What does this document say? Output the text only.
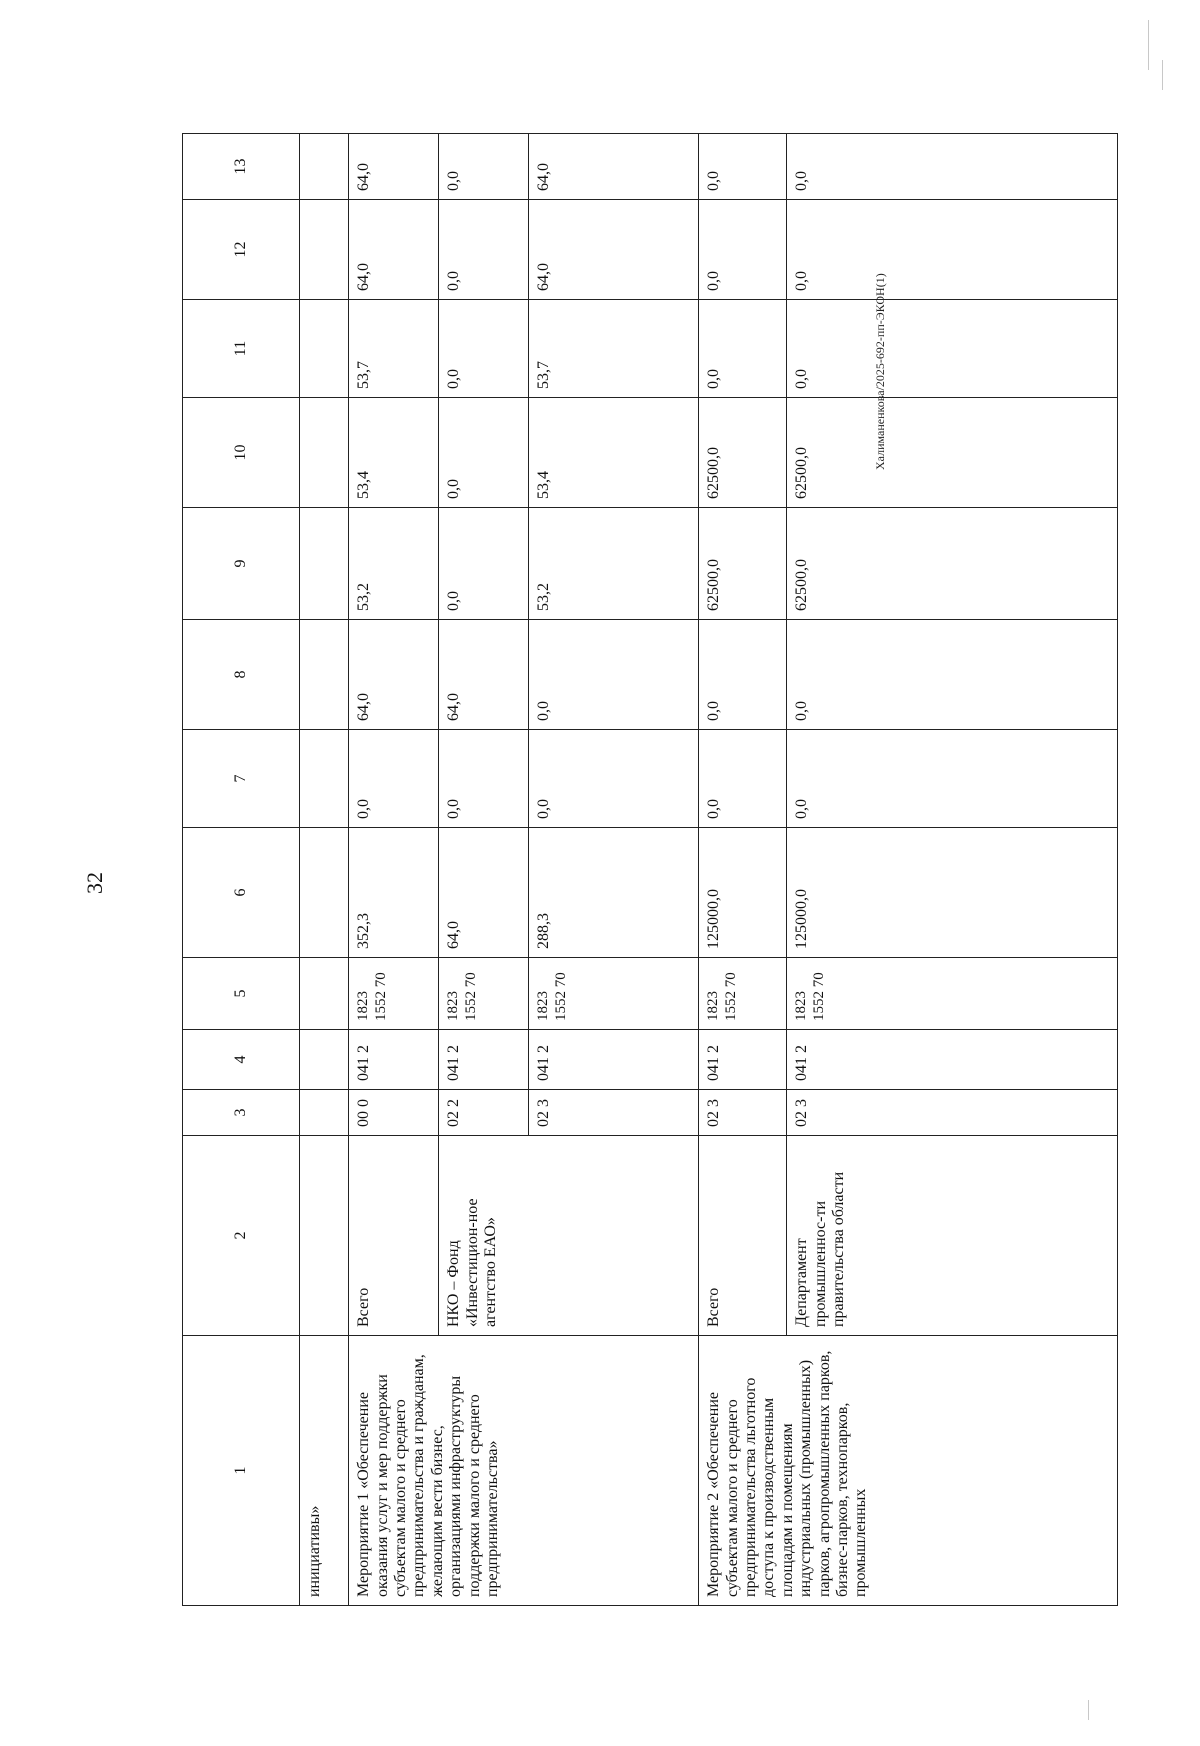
32
Халиманенкова/2025-692-пп-ЭКОН(1)
1	2	3	4	5	6	7	8	9	10	11	12	13
инициативы»												
Мероприятие 1 «Обеспечение оказания услуг и мер поддержки субъектам малого и среднего предпринимательства и гражданам, желающим вести бизнес, организациями инфраструктуры поддержки малого и среднего предпринимательства»	Всего	00 0	041 2	1823 1552 70	352,3	0,0	64,0	53,2	53,4	53,7	64,0	64,0
	НКО – Фонд «Инвестицион-ное агентство ЕАО»	02 2	041 2	1823 1552 70	64,0	0,0	64,0	0,0	0,0	0,0	0,0	0,0
		02 3	041 2	1823 1552 70	288,3	0,0	0,0	53,2	53,4	53,7	64,0	64,0
Мероприятие 2 «Обеспечение субъектам малого и среднего предпринимательства льготного доступа к производственным площадям и помещениям индустриальных (промышленных) парков, агропромышленных парков, бизнес-парков, технопарков, промышленных	Всего	02 3	041 2	1823 1552 70	125000,0	0,0	0,0	62500,0	62500,0	0,0	0,0	0,0
	Департамент промышленнос-ти правительства области	02 3	041 2	1823 1552 70	125000,0	0,0	0,0	62500,0	62500,0	0,0	0,0	0,0
